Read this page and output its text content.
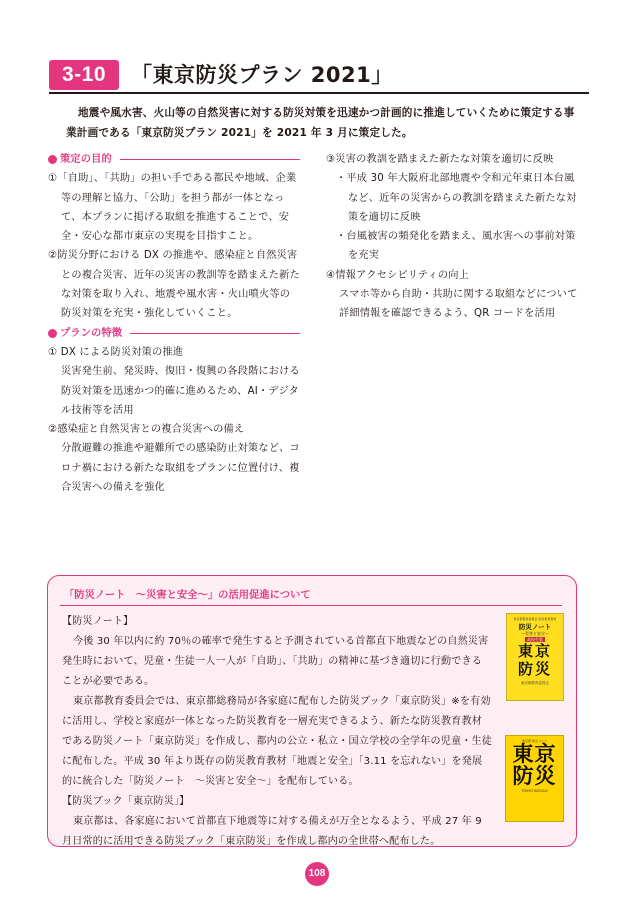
3-10	「東京防災プラン 2021」
地震や風水害、火山等の自然災害に対する防災対策を迅速かつ計画的に推進していくために策定する事業計画である「東京防災プラン 2021」を 2021 年 3 月に策定した。

策定の目的

①「自助」、「共助」の担い手である都民や地域、企業等の理解と協力、「公助」を担う都が一体となって、本プランに掲げる取組を推進することで、安全・安心な都市東京の実現を目指すこと。

②防災分野における DX の推進や、感染症と自然災害との複合災害、近年の災害の教訓等を踏まえた新たな対策を取り入れ、地震や風水害・火山噴火等の防災対策を充実・強化していくこと。

プランの特徴

① DX による防災対策の推進

災害発生前、発災時、復旧・復興の各段階における防災対策を迅速かつ的確に進めるため、AI・デジタル技術等を活用

②感染症と自然災害との複合災害への備え

分散避難の推進や避難所での感染防止対策など、コロナ禍における新たな取組をプランに位置付け、複合災害への備えを強化

③災害の教訓を踏まえた新たな対策を適切に反映

・平成 30 年大阪府北部地震や令和元年東日本台風など、近年の災害からの教訓を踏まえた新たな対策を適切に反映

・台風被害の頻発化を踏まえ、風水害への事前対策を充実

④情報アクセシビリティの向上

スマホ等から自助・共助に関する取組などについて詳細情報を確認できるよう、QR コードを活用

「防災ノート　～災害と安全～」の活用促進について

【防災ノート】

今後 30 年以内に約 70％の確率で発生すると予測されている首都直下地震などの自然災害発生時において、児童・生徒一人一人が「自助」、「共助」の精神に基づき適切に行動できることが必要である。

東京都教育委員会では、東京都総務局が各家庭に配布した防災ブック「東京防災」※を有効に活用し、学校と家庭が一体となった防災教育を一層充実できるよう、新たな防災教育教材である防災ノート「東京防災」を作成し、都内の公立・私立・国立学校の全学年の児童・生徒に配布した。平成 30 年より既存の防災教育教材「地震と安全」「3.11 を忘れない」を発展的に統合した「防災ノート　～災害と安全～」を配布している。

【防災ブック「東京防災」】

東京都は、各家庭において首都直下地震等に対する備えが万全となるよう、平成 27 年 9 月日常的に活用できる防災ブック「東京防災」を作成し都内の全世帯へ配布した。

東京都教育委員会 防災教育教材
防災ノート
～災害と安全～
高校生版
東京
防災
東京都教育委員会
東京都 防災ブック
東京
防災
TOKYO BOUSAI
108
